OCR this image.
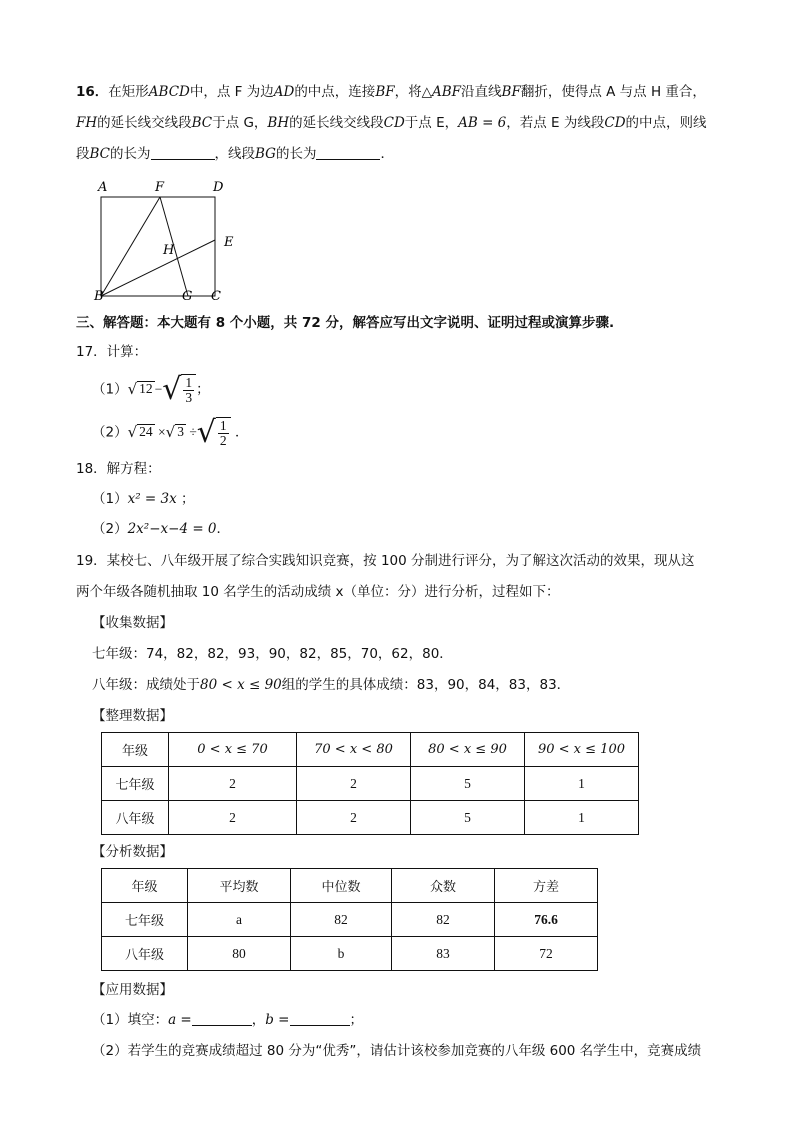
16．在矩形ABCD中，点 F 为边AD的中点，连接BF，将△ABF沿直线BF翻折，使得点 A 与点 H 重合，
FH的延长线交线段BC于点 G，BH的延长线交线段CD于点 E，AB = 6，若点 E 为线段CD的中点，则线
段BC的长为	，线段BG的长为	．
A	F	D
E
H
B	G C
三、解答题：本大题有 8 个小题，共 72 分，解答应写出文字说明、证明过程或演算步骤.
17．计算：
（1） √ 12 − √ $\frac{1}{3}$ ；
（2） √ 24 × √ 3 ÷ √ $\frac{1}{2}$ ．
18．解方程：
（1）x² = 3x ；
（2）2x²−x−4 = 0．
19．某校七、八年级开展了综合实践知识竞赛，按 100 分制进行评分，为了解这次活动的效果，现从这
两个年级各随机抽取 10 名学生的活动成绩 x（单位：分）进行分析，过程如下：
【收集数据】
七年级：74，82，82，93，90，82，85，70，62，80．
八年级：成绩处于80 < x ≤ 90组的学生的具体成绩：83，90，84，83，83．
【整理数据】
年级	0 < x ≤ 70	70 < x < 80	80 < x ≤ 90	90 < x ≤ 100
七年级	2	2	5	1
八年级	2	2	5	1
【分析数据】
年级	平均数	中位数	众数	方差
七年级	a	82	82	76.6
八年级	80	b	83	72
【应用数据】
（1）填空：a =	，b =	；
（2）若学生的竞赛成绩超过 80 分为“优秀”，请估计该校参加竞赛的八年级 600 名学生中，竞赛成绩
